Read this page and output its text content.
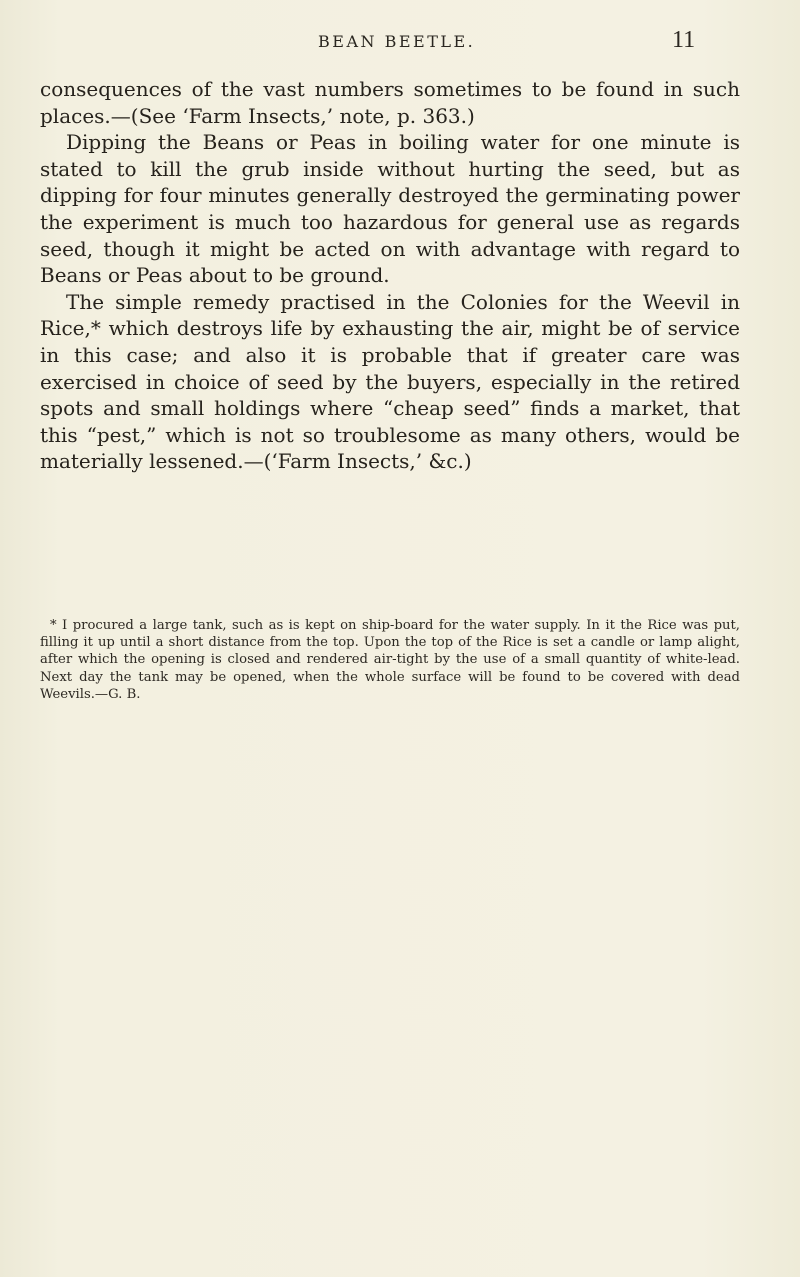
BEAN BEETLE.	11

consequences of the vast numbers sometimes to be found in such places.—(See ‘Farm Insects,’ note, p. 363.)

Dipping the Beans or Peas in boiling water for one minute is stated to kill the grub inside without hurting the seed, but as dipping for four minutes generally destroyed the germinating power the experiment is much too hazardous for general use as regards seed, though it might be acted on with advantage with regard to Beans or Peas about to be ground.

The simple remedy practised in the Colonies for the Weevil in Rice,* which destroys life by exhausting the air, might be of service in this case; and also it is probable that if greater care was exercised in choice of seed by the buyers, especially in the retired spots and small holdings where “cheap seed” finds a market, that this “pest,” which is not so troublesome as many others, would be materially lessened.—(‘Farm Insects,’ &c.)

* I procured a large tank, such as is kept on ship-board for the water supply. In it the Rice was put, filling it up until a short distance from the top. Upon the top of the Rice is set a candle or lamp alight, after which the opening is closed and rendered air-tight by the use of a small quantity of white-lead. Next day the tank may be opened, when the whole surface will be found to be covered with dead Weevils.—G. B.
